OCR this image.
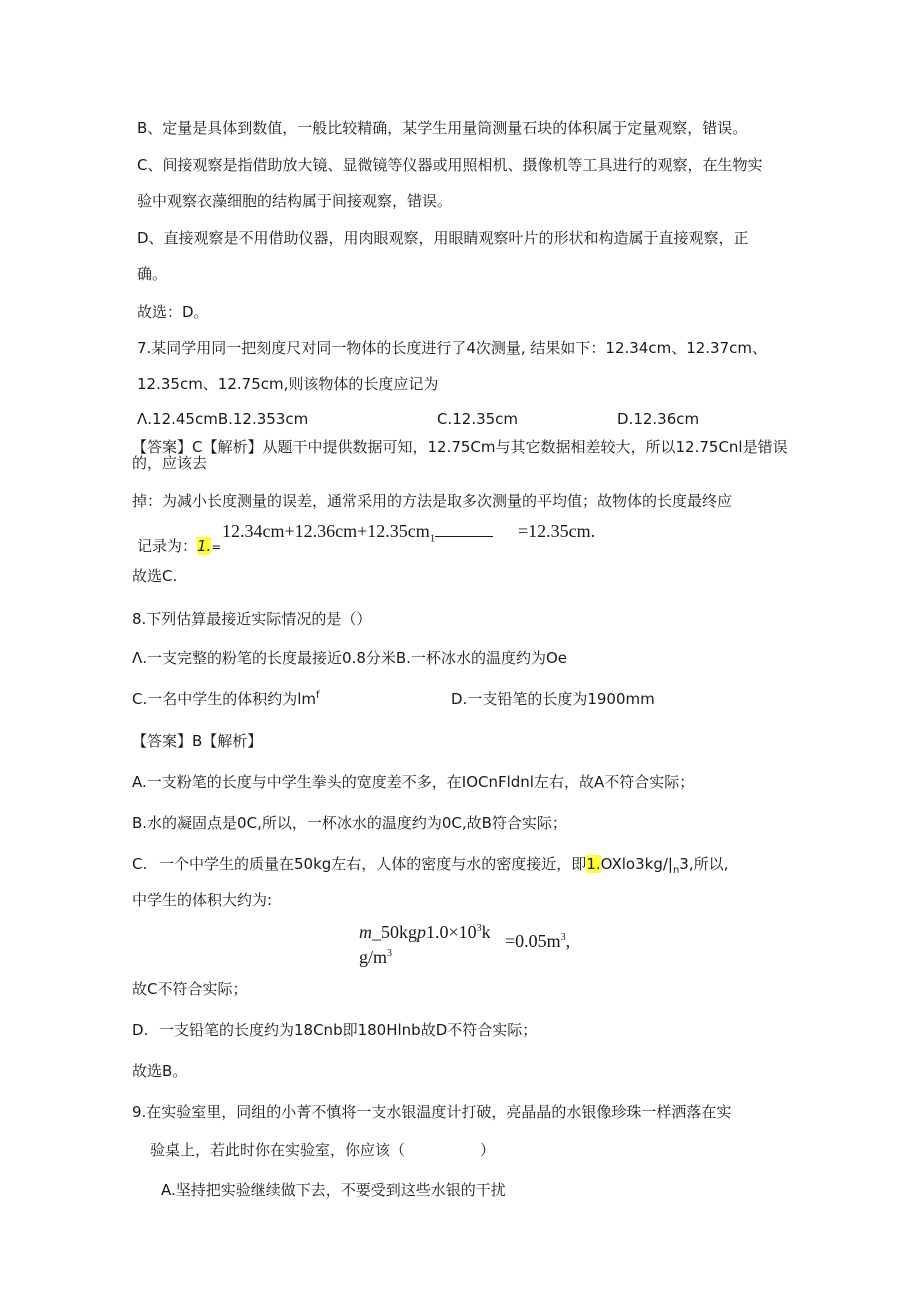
B、定量是具体到数值，一般比较精确，某学生用量筒测量石块的体积属于定量观察，错误。
C、间接观察是指借助放大镜、显微镜等仪器或用照相机、摄像机等工具进行的观察，在生物实
验中观察衣藻细胞的结构属于间接观察，错误。
D、直接观察是不用借助仪器，用肉眼观察，用眼睛观察叶片的形状和构造属于直接观察，正
确。
故选：D。
7.某同学用同一把刻度尺对同一物体的长度进行了4次测量, 结果如下：12.34cm、12.37cm、
12.35cm、12.75cm,则该物体的长度应记为
Λ.12.45cmB.12.353cm	C.12.35cm	D.12.36cm
【答案】C【解析】从题干中提供数据可知，12.75Cm与其它数据相差较大，所以12.75Cnl是错误
的，应该去
掉：为减小长度测量的误差，通常采用的方法是取多次测量的平均值；故物体的长度最终应
$12.34cm+12.36cm+12.35cm_1$	=12.35cm.
记录为：1.=
故选C.
8.下列估算最接近实际情况的是（）
Λ.一支完整的粉笔的长度最接近0.8分米B.一杯冰水的温度约为Oe
C.一名中学生的体积约为$lm^f$	D.一支铅笔的长度为1900mm
【答案】B【解析】
A.一支粉笔的长度与中学生拳头的宽度差不多，在IOCnFldnl左右，故A不符合实际；
B.水的凝固点是0C,所以，一杯冰水的温度约为0C,故B符合实际；
C. 一个中学生的质量在50kg左右，人体的密度与水的密度接近，即$1.OXlo3kg/|_n3$,所以,
中学生的体积大约为:
$m\_50kgp1.0\times 10^3k =0.05m^3$,
$g/m^3$
故C不符合实际；
D. 一支铅笔的长度约为18Cnb即180Hlnb故D不符合实际；
故选B。
9.在实验室里，同组的小菁不慎将一支水银温度计打破，亮晶晶的水银像珍珠一样洒落在实
验桌上，若此时你在实验室，你应该（　　　　　）
A.坚持把实验继续做下去，不要受到这些水银的干扰
